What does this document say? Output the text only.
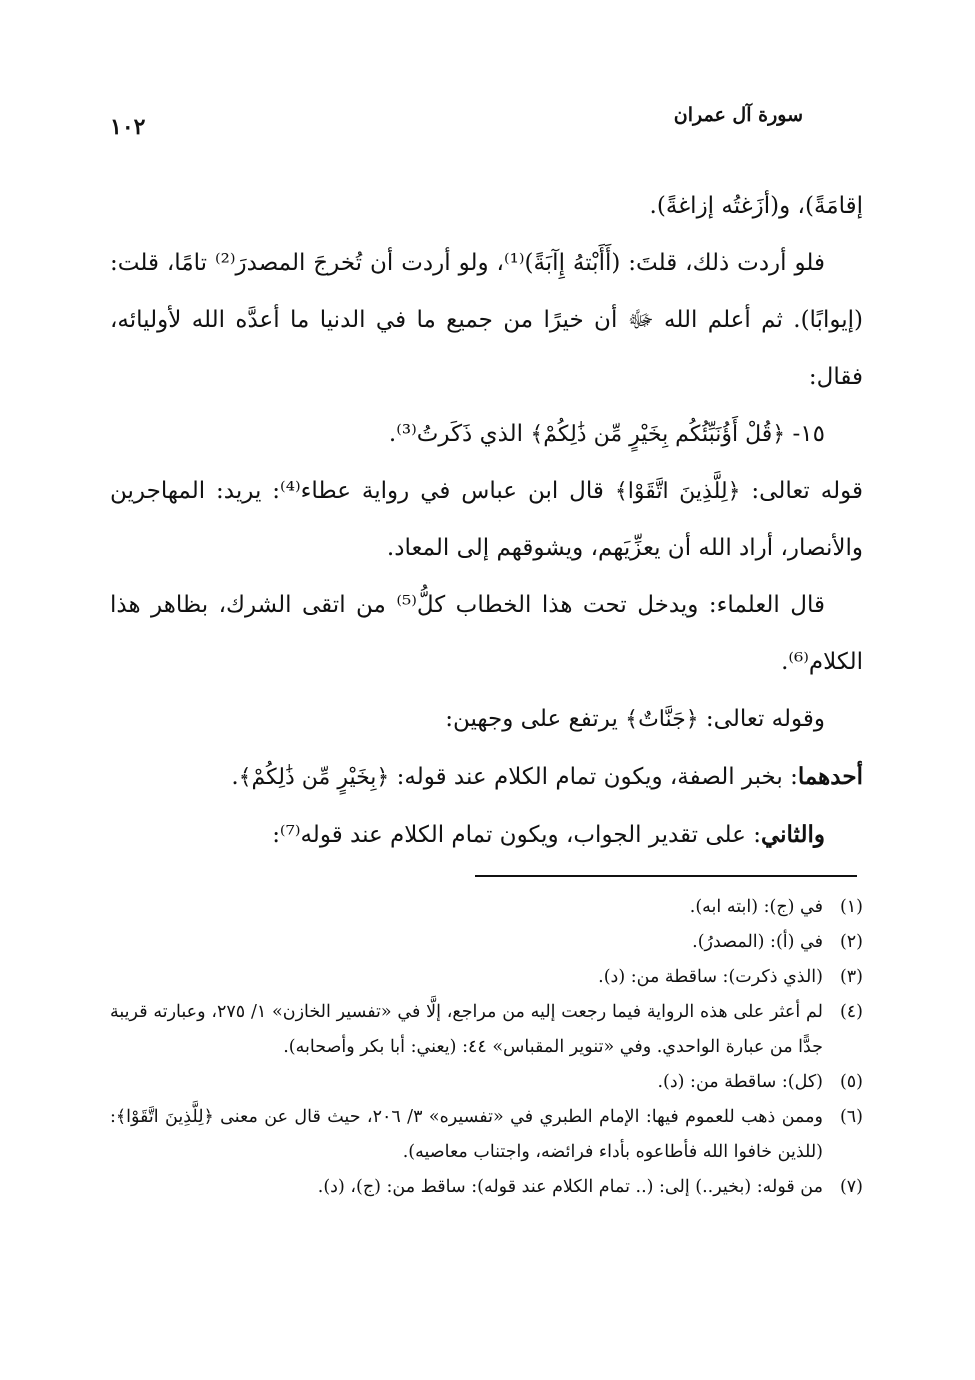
سورة آل عمران
١٠٢

إقامَةً)، و(أزَغتُه إزاغةً).

فلو أردت ذلك، قلتَ: (أَأَبْتهُ إِآبَةً)⁽¹⁾، ولو أردت أن تُخرجَ المصدرَ⁽²⁾ تامًا، قلت: (إيوابًا). ثم أعلم الله ﷻ أن خيرًا من جميع ما في الدنيا ما أعدَّه الله لأوليائه، فقال:

١٥- ﴿قُلْ أَؤُنَبِّئُكُم بِخَيْرٍ مِّن ذَٰلِكُمْ﴾ الذي ذَكَرتُ⁽³⁾.

قوله تعالى: ﴿لِلَّذِينَ اتَّقَوْا﴾ قال ابن عباس في رواية عطاء⁽⁴⁾: يريد: المهاجرين والأنصار، أراد الله أن يعزِّيَهم، ويشوقهم إلى المعاد.

قال العلماء: ويدخل تحت هذا الخطاب كلُّ⁽⁵⁾ من اتقى الشرك، بظاهر هذا الكلام⁽⁶⁾.

وقوله تعالى: ﴿جَنَّاتٌ﴾ يرتفع على وجهين:

أحدهما: بخبر الصفة، ويكون تمام الكلام عند قوله: ﴿بِخَيْرٍ مِّن ذَٰلِكُمْ﴾.

والثاني: على تقدير الجواب، ويكون تمام الكلام عند قوله⁽⁷⁾:

(١)
في (ج): (ابته ابه).
(٢)
في (أ): (المصدرُ).
(٣)
(الذي ذكرت): ساقطة من: (د).
(٤)
لم أعثر على هذه الرواية فيما رجعت إليه من مراجع، إلَّا في «تفسير الخازن» ١/ ٢٧٥، وعبارته قريبة جدًّا من عبارة الواحدي. وفي «تنوير المقباس» ٤٤: (يعني: أبا بكر وأصحابه).
(٥)
(كل): ساقطة من: (د).
(٦)
وممن ذهب للعموم فيها: الإمام الطبري في «تفسيره» ٣/ ٢٠٦، حيث قال عن معنى ﴿لِلَّذِينَ اتَّقَوْا﴾: (للذين خافوا الله فأطاعوه بأداء فرائضه، واجتناب معاصيه).
(٧)
من قوله: (بخير..) إلى: (.. تمام الكلام عند قوله): ساقط من: (ج)، (د).
